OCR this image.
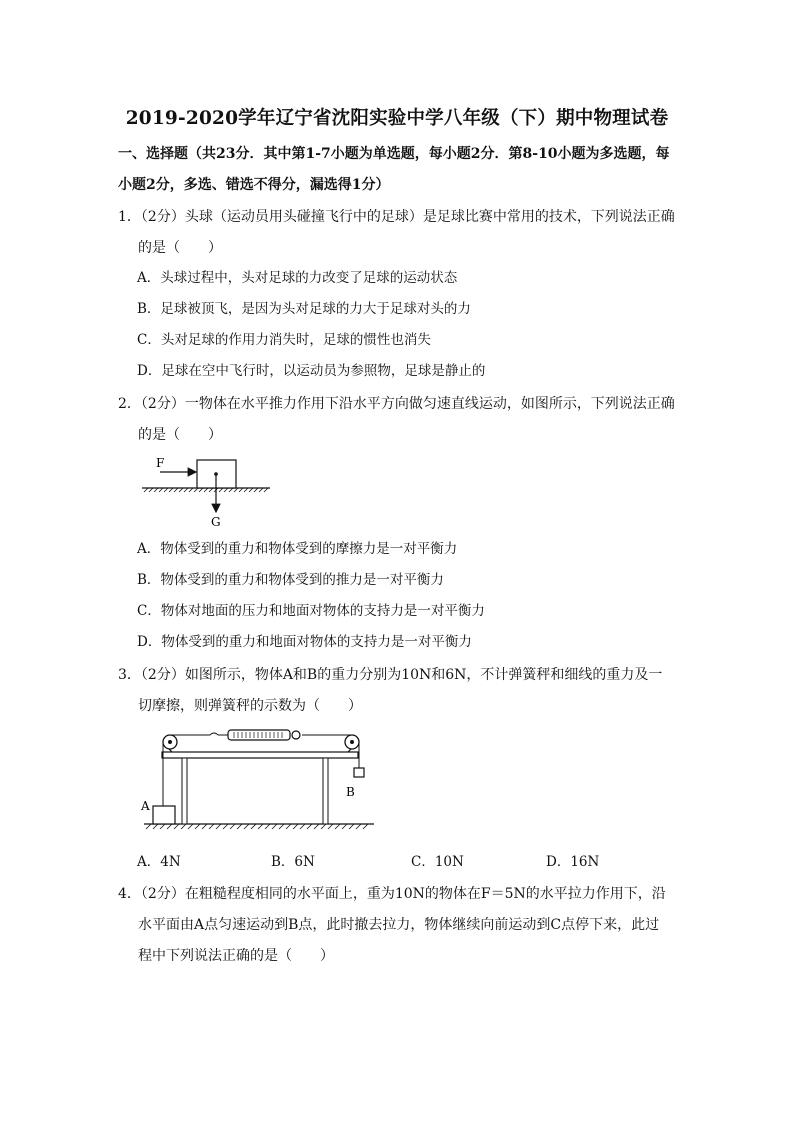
2019-2020学年辽宁省沈阳实验中学八年级（下）期中物理试卷
一、选择题（共23分．其中第1-7小题为单选题，每小题2分．第8-10小题为多选题，每
小题2分，多选、错选不得分，漏选得1分）
1．（2分）头球（运动员用头碰撞飞行中的足球）是足球比赛中常用的技术，下列说法正确
的是（　　）
A．头球过程中，头对足球的力改变了足球的运动状态
B．足球被顶飞，是因为头对足球的力大于足球对头的力
C．头对足球的作用力消失时，足球的惯性也消失
D．足球在空中飞行时，以运动员为参照物，足球是静止的
2．（2分）一物体在水平推力作用下沿水平方向做匀速直线运动，如图所示，下列说法正确
的是（　　）
F
G
A．物体受到的重力和物体受到的摩擦力是一对平衡力
B．物体受到的重力和物体受到的推力是一对平衡力
C．物体对地面的压力和地面对物体的支持力是一对平衡力
D．物体受到的重力和地面对物体的支持力是一对平衡力
3．（2分）如图所示，物体A和B的重力分别为10N和6N，不计弹簧秤和细线的重力及一
切摩擦，则弹簧秤的示数为（　　）
A
B
A．4N	B．6N	C．10N	D．16N
4．（2分）在粗糙程度相同的水平面上，重为10N的物体在F＝5N的水平拉力作用下，沿
水平面由A点匀速运动到B点，此时撤去拉力，物体继续向前运动到C点停下来，此过
程中下列说法正确的是（　　）
